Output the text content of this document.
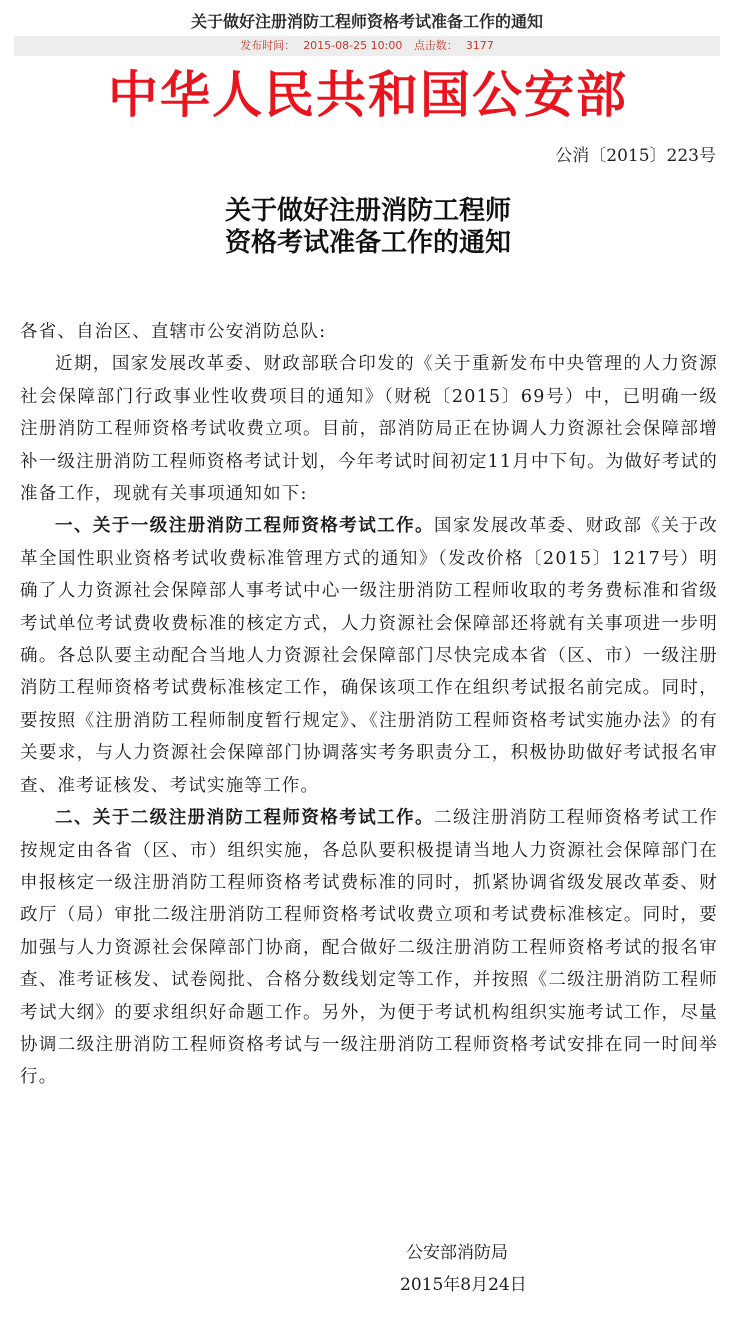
关于做好注册消防工程师资格考试准备工作的通知
发布时间： 2015-08-25 10:00 点击数： 3177
中华人民共和国公安部
公消〔2015〕223号
关于做好注册消防工程师
资格考试准备工作的通知

各省、自治区、直辖市公安消防总队:

近期，国家发展改革委、财政部联合印发的《关于重新发布中央管理的人力资源社会保障部门行政事业性收费项目的通知》（财税〔2015〕69号）中，已明确一级注册消防工程师资格考试收费立项。目前，部消防局正在协调人力资源社会保障部增补一级注册消防工程师资格考试计划，今年考试时间初定11月中下旬。为做好考试的准备工作，现就有关事项通知如下:

一、关于一级注册消防工程师资格考试工作。国家发展改革委、财政部《关于改革全国性职业资格考试收费标准管理方式的通知》（发改价格〔2015〕1217号）明确了人力资源社会保障部人事考试中心一级注册消防工程师收取的考务费标准和省级考试单位考试费收费标准的核定方式，人力资源社会保障部还将就有关事项进一步明确。各总队要主动配合当地人力资源社会保障部门尽快完成本省（区、市）一级注册消防工程师资格考试费标准核定工作，确保该项工作在组织考试报名前完成。同时，要按照《注册消防工程师制度暂行规定》、《注册消防工程师资格考试实施办法》的有关要求，与人力资源社会保障部门协调落实考务职责分工，积极协助做好考试报名审查、准考证核发、考试实施等工作。

二、关于二级注册消防工程师资格考试工作。二级注册消防工程师资格考试工作按规定由各省（区、市）组织实施，各总队要积极提请当地人力资源社会保障部门在申报核定一级注册消防工程师资格考试费标准的同时，抓紧协调省级发展改革委、财政厅（局）审批二级注册消防工程师资格考试收费立项和考试费标准核定。同时，要加强与人力资源社会保障部门协商，配合做好二级注册消防工程师资格考试的报名审查、准考证核发、试卷阅批、合格分数线划定等工作，并按照《二级注册消防工程师考试大纲》的要求组织好命题工作。另外，为便于考试机构组织实施考试工作，尽量协调二级注册消防工程师资格考试与一级注册消防工程师资格考试安排在同一时间举行。

公安部消防局
2015年8月24日
